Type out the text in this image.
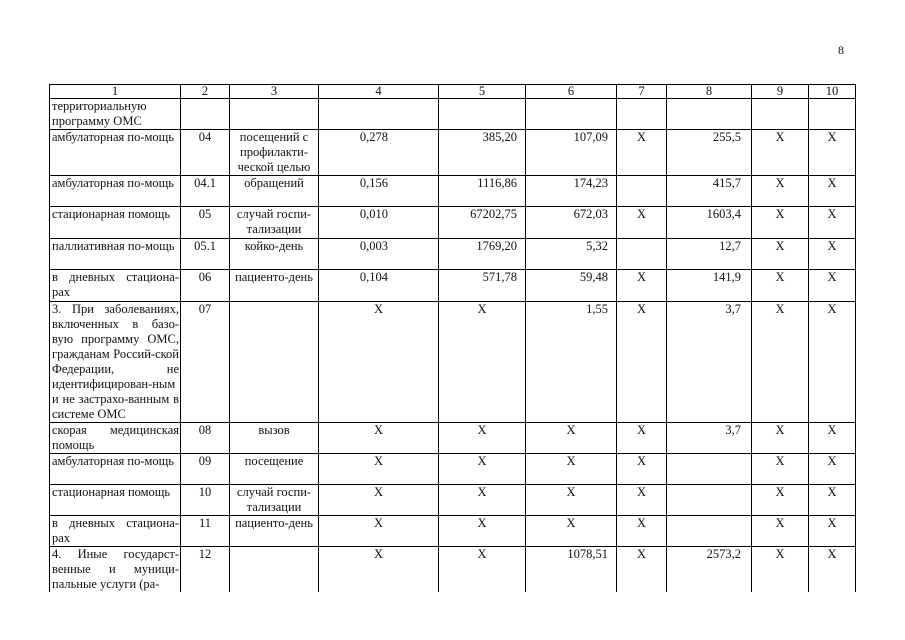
8
1	2	3	4	5	6	7	8	9	10
территориальную программу ОМС									
амбулаторная по-мощь	04	посещений с профилакти-ческой целью	0,278	385,20	107,09	X	255,5	X	X
амбулаторная по-мощь	04.1	обращений	0,156	1116,86	174,23		415,7	X	X
стационарная помощь	05	случай госпи-тализации	0,010	67202,75	672,03	X	1603,4	X	X
паллиативная по-мощь	05.1	койко-день	0,003	1769,20	5,32		12,7	X	X
в дневных стациона-рах	06	пациенто-день	0,104	571,78	59,48	X	141,9	X	X
3. При заболеваниях, включенных в базо-вую программу ОМС, гражданам Россий-ской Федерации, не идентифицирован-ным и не застрахо-ванным в системе ОМС	07		X	X	1,55	X	3,7	X	X
скорая медицинская помощь	08	вызов	X	X	X	X	3,7	X	X
амбулаторная по-мощь	09	посещение	X	X	X	X		X	X
стационарная помощь	10	случай госпи-тализации	X	X	X	X		X	X
в дневных стациона-рах	11	пациенто-день	X	X	X	X		X	X
4. Иные государст-венные и муници-пальные услуги (ра-	12		X	X	1078,51	X	2573,2	X	X
